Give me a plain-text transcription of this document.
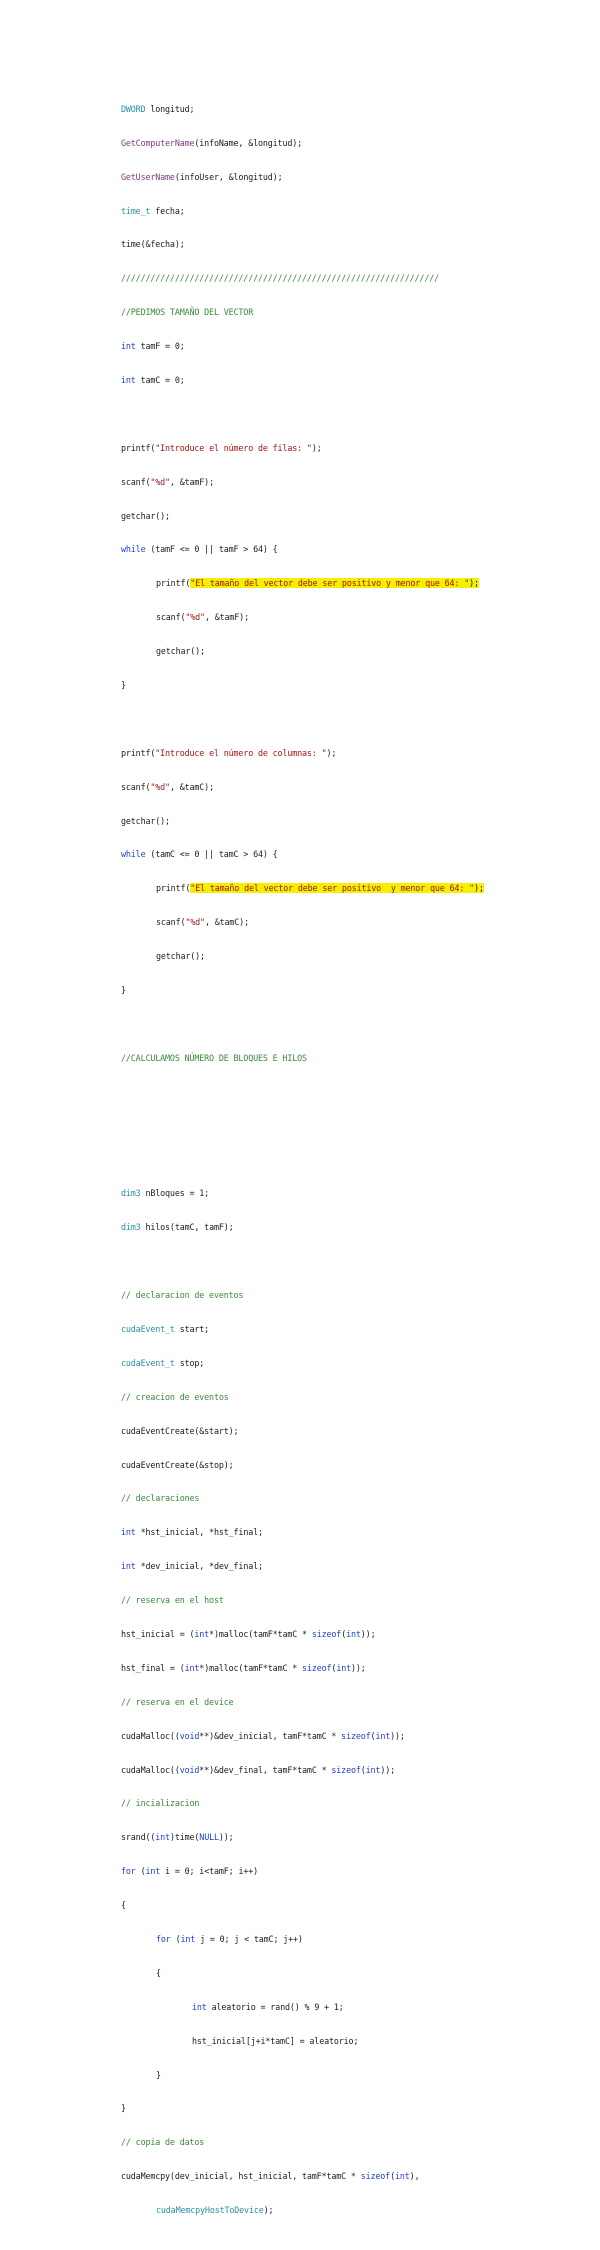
DWORD longitud;

GetComputerName(infoName, &longitud);

GetUserName(infoUser, &longitud);

time_t fecha;

time(&fecha);

/////////////////////////////////////////////////////////////////

//PEDIMOS TAMAÑO DEL VECTOR

int tamF = 0;

int tamC = 0;

printf("Introduce el número de filas: ");

scanf("%d", &tamF);

getchar();

while (tamF <= 0 || tamF > 64) {

printf("El tamaño del vector debe ser positivo y menor que 64: ");

scanf("%d", &tamF);

getchar();

}

printf("Introduce el número de columnas: ");

scanf("%d", &tamC);

getchar();

while (tamC <= 0 || tamC > 64) {

printf("El tamaño del vector debe ser positivo  y menor que 64: ");

scanf("%d", &tamC);

getchar();

}

//CALCULAMOS NÚMERO DE BLOQUES E HILOS

dim3 nBloques = 1;

dim3 hilos(tamC, tamF);

// declaracion de eventos

cudaEvent_t start;

cudaEvent_t stop;

// creacion de eventos

cudaEventCreate(&start);

cudaEventCreate(&stop);

// declaraciones

int *hst_inicial, *hst_final;

int *dev_inicial, *dev_final;

// reserva en el host

hst_inicial = (int*)malloc(tamF*tamC * sizeof(int));

hst_final = (int*)malloc(tamF*tamC * sizeof(int));

// reserva en el device

cudaMalloc((void**)&dev_inicial, tamF*tamC * sizeof(int));

cudaMalloc((void**)&dev_final, tamF*tamC * sizeof(int));

// incializacion

srand((int)time(NULL));

for (int i = 0; i<tamF; i++)

{

for (int j = 0; j < tamC; j++)

{

int aleatorio = rand() % 9 + 1;

hst_inicial[j+i*tamC] = aleatorio;

}

}

// copia de datos

cudaMemcpy(dev_inicial, hst_inicial, tamF*tamC * sizeof(int),

cudaMemcpyHostToDevice);
